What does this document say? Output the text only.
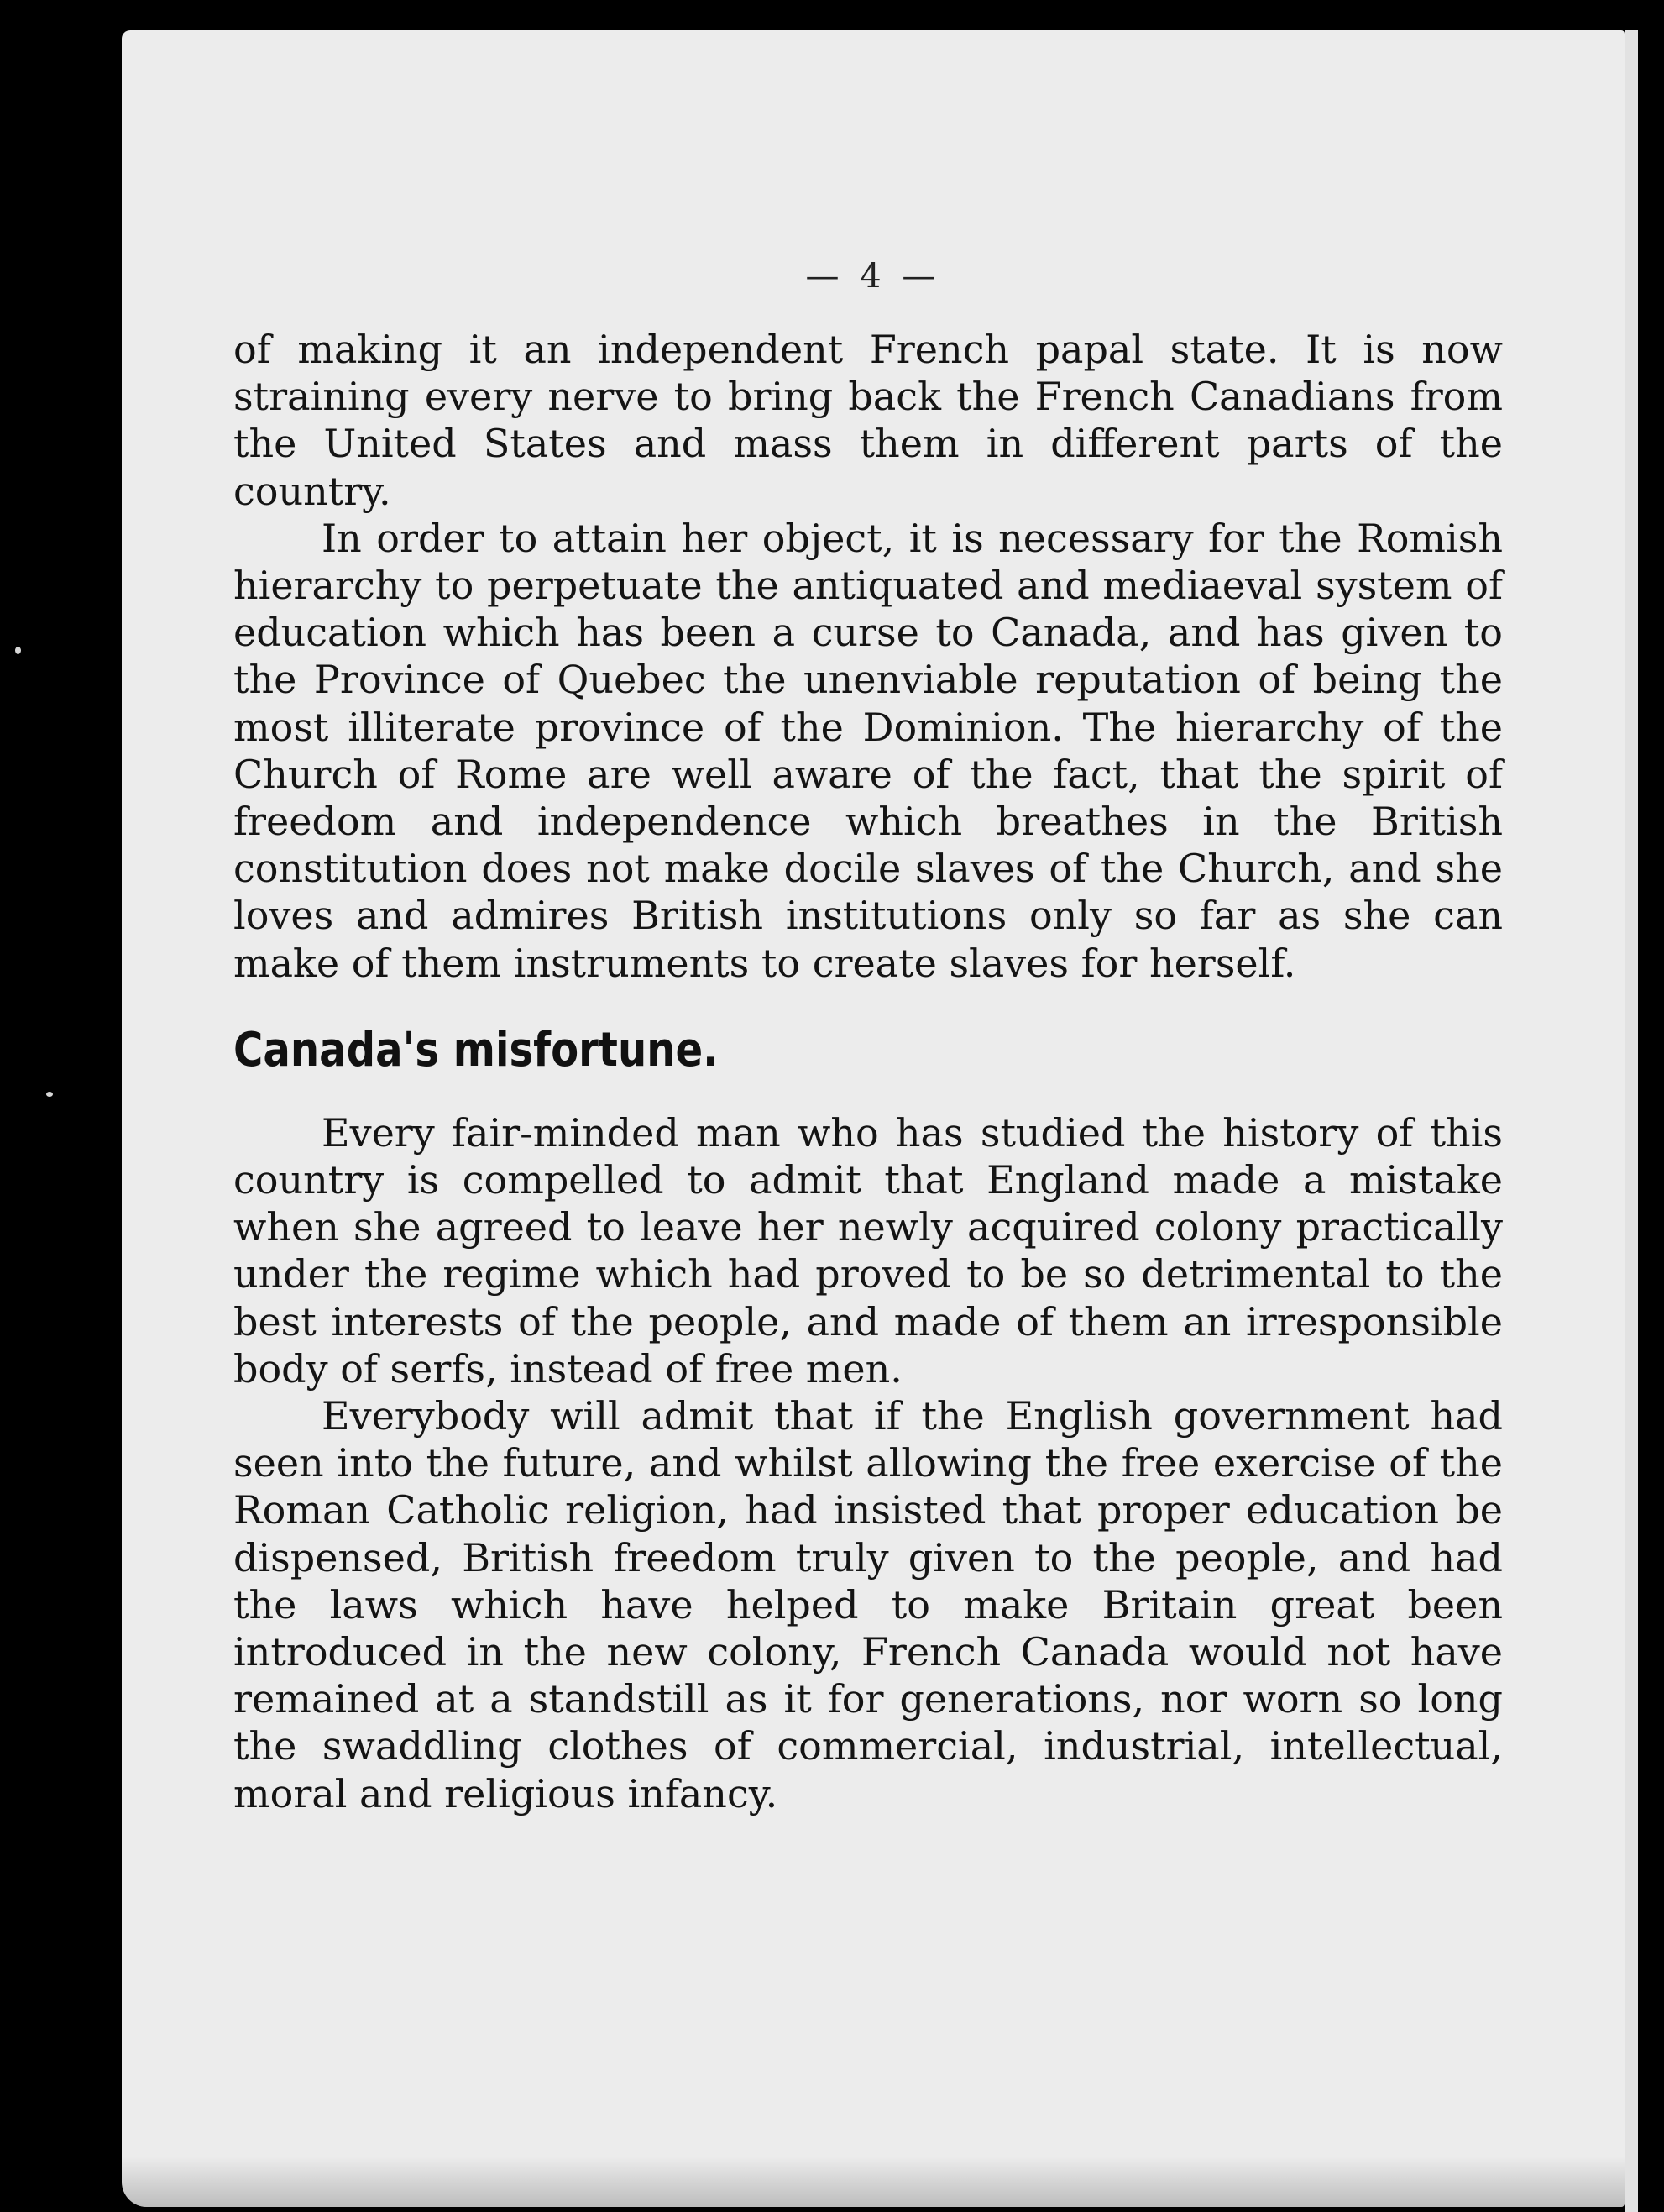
— 4 —

of making it an independent French papal state. It is now straining every nerve to bring back the French Canadians from the United States and mass them in different parts of the country.

In order to attain her object, it is necessary for the Romish hierarchy to perpetuate the antiquated and mediaeval system of education which has been a curse to Canada, and has given to the Province of Quebec the unenviable reputation of being the most illiterate province of the Dominion. The hierarchy of the Church of Rome are well aware of the fact, that the spirit of freedom and independence which breathes in the British constitution does not make docile slaves of the Church, and she loves and admires British institutions only so far as she can make of them instruments to create slaves for herself.

Canada's misfortune.

Every fair-minded man who has studied the history of this country is compelled to admit that England made a mistake when she agreed to leave her newly acquired colony practically under the regime which had proved to be so detrimental to the best interests of the people, and made of them an irresponsible body of serfs, instead of free men.

Everybody will admit that if the English government had seen into the future, and whilst allowing the free exercise of the Roman Catholic religion, had insisted that proper education be dispensed, British freedom truly given to the people, and had the laws which have helped to make Britain great been introduced in the new colony, French Canada would not have remained at a standstill as it for generations, nor worn so long the swaddling clothes of commercial, industrial, intellectual, moral and religious infancy.
